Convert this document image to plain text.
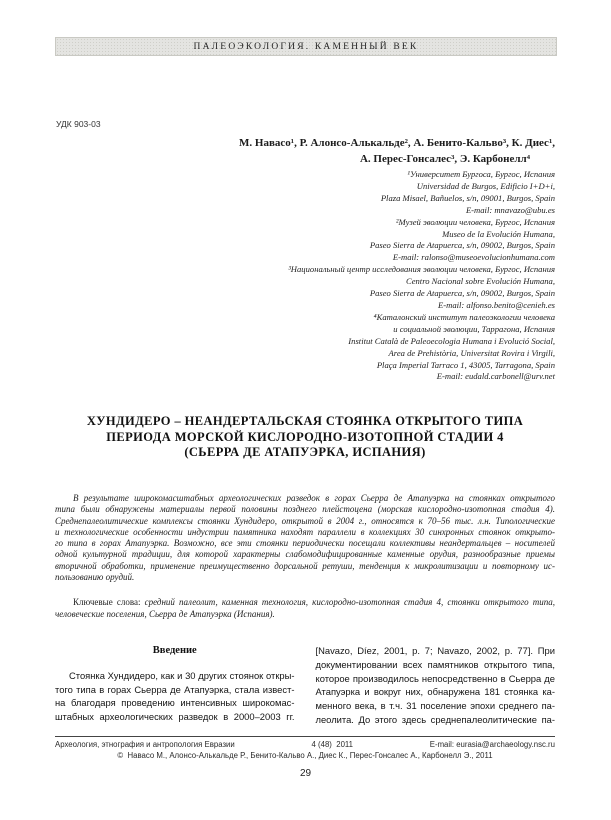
ПАЛЕОЭКОЛОГИЯ. КАМЕННЫЙ ВЕК
УДК 903-03
М. Навасо¹, Р. Алонсо-Алькальде², А. Бенито-Кальво³, К. Диес¹,
А. Перес-Гонсалес³, Э. Карбонелл⁴
¹Университет Бургоса, Бургос, Испания
Universidad de Burgos, Edificio I+D+i,
Plaza Misael, Bañuelos, s/n, 09001, Burgos, Spain
E-mail: mnavazo@ubu.es
²Музей эволюции человека, Бургос, Испания
Museo de la Evolución Humana,
Paseo Sierra de Atapuerca, s/n, 09002, Burgos, Spain
E-mail: ralonso@museoevolucionhumana.com
³Национальный центр исследования эволюции человека, Бургос, Испания
Centro Nacional sobre Evolución Humana,
Paseo Sierra de Atapuerca, s/n, 09002, Burgos, Spain
E-mail: alfonso.benito@cenieh.es
⁴Каталонский институт палеоэкологии человека
и социальной эволюции, Таррагона, Испания
Institut Català de Paleoecologia Humana i Evolució Social,
Area de Prehistòria, Universitat Rovira i Virgili,
Plaça Imperial Tarraco 1, 43005, Tarragona, Spain
E-mail: eudald.carbonell@urv.net
ХУНДИДЕРО – НЕАНДЕРТАЛЬСКАЯ СТОЯНКА ОТКРЫТОГО ТИПА
ПЕРИОДА МОРСКОЙ КИСЛОРОДНО-ИЗОТОПНОЙ СТАДИИ 4
(СЬЕРРА ДЕ АТАПУЭРКА, ИСПАНИЯ)
В результате широкомасштабных археологических разведок в горах Сьерра де Атапуэрка на стоянках открытого
типа были обнаружены материалы первой половины позднего плейстоцена (морская кислородно-изотопная стадия 4).
Среднепалеолитические комплексы стоянки Хундидеро, открытой в 2004 г., относятся к 70–56 тыс. л.н. Типологические
и технологические особенности индустрии памятника находят параллели в коллекциях 30 синхронных стоянок открыто-
го типа в горах Атапуэрка. Возможно, все эти стоянки периодически посещали коллективы неандертальцев – носителей
одной культурной традиции, для которой характерны слабомодифицированные каменные орудия, разнообразные приемы
вторичной обработки, применение преимущественно дорсальной ретуши, тенденция к микролитизации и повторному ис-
пользованию орудий.
Ключевые слова: средний палеолит, каменная технология, кислородно-изотопная стадия 4, стоянки открытого типа,
человеческие поселения, Сьерра де Атапуэрка (Испания).
Введение
Стоянка Хундидеро, как и 30 других стоянок откры-
того типа в горах Сьерра де Атапуэрка, стала извест-
на благодаря проведению интенсивных широкомас-
штабных археологических разведок в 2000–2003 гг.
[Navazo, Díez, 2001, p. 7; Navazo, 2002, p. 77]. При
документировании всех памятников открытого типа,
которое производилось непосредственно в Сьерра де
Атапуэрка и вокруг них, обнаружена 181 стоянка ка-
менного века, в т.ч. 31 поселение эпохи среднего па-
леолита. До этого здесь среднепалеолитические па-
Археология, этнография и антропология Евразии	4 (48)  2011	E-mail: eurasia@archaeology.nsc.ru
©  Навасо М., Алонсо-Алькальде Р., Бенито-Кальво А., Диес К., Перес-Гонсалес А., Карбонелл Э., 2011
29
